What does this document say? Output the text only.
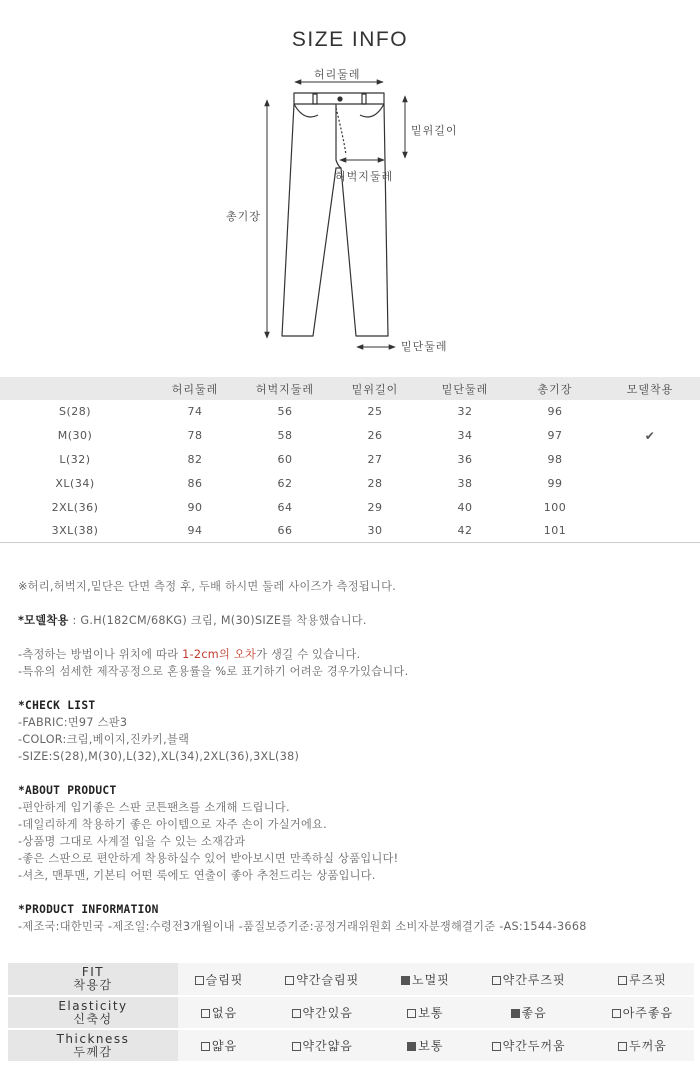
SIZE INFO
허리둘레
밑위길이
허벅지둘레
총기장
밑단둘레
	허리둘레	허벅지둘레	밑위길이	밑단둘레	총기장	모델착용
S(28)	74	56	25	32	96	
M(30)	78	58	26	34	97	✔
L(32)	82	60	27	36	98	
XL(34)	86	62	28	38	99	
2XL(36)	90	64	29	40	100	
3XL(38)	94	66	30	42	101	

※허리,허벅지,밑단은 단면 측정 후, 두배 하시면 둘레 사이즈가 측정됩니다.

*모델착용 : G.H(182CM/68KG) 크림, M(30)SIZE를 착용했습니다.

-측정하는 방법이나 위치에 따라 1-2cm의 오차가 생길 수 있습니다.

-특유의 섬세한 제작공정으로 혼용률을 %로 표기하기 어려운 경우가있습니다.

*CHECK LIST

-FABRIC:면97 스판3

-COLOR:크림,베이지,진카키,블랙

-SIZE:S(28),M(30),L(32),XL(34),2XL(36),3XL(38)

*ABOUT PRODUCT

-편안하게 입기좋은 스판 코튼팬츠를 소개해 드립니다.

-데일리하게 착용하기 좋은 아이템으로 자주 손이 가실거에요.

-상품명 그대로 사계절 입을 수 있는 소재감과

-좋은 스판으로 편안하게 착용하실수 있어 받아보시면 만족하실 상품입니다!

-셔츠, 맨투맨, 기본티 어떤 룩에도 연출이 좋아 추천드리는 상품입니다.

*PRODUCT INFORMATION

-제조국:대한민국 -제조일:수령전3개월이내 -품질보증기준:공정거래위원회 소비자분쟁해결기준 -AS:1544-3668

FIT
착용감	슬림핏	약간슬림핏	노멀핏	약간루즈핏	루즈핏

Elasticity
신축성	없음	약간있음	보통	좋음	아주좋음

Thickness
두께감	얇음	약간얇음	보통	약간두꺼움	두꺼움
